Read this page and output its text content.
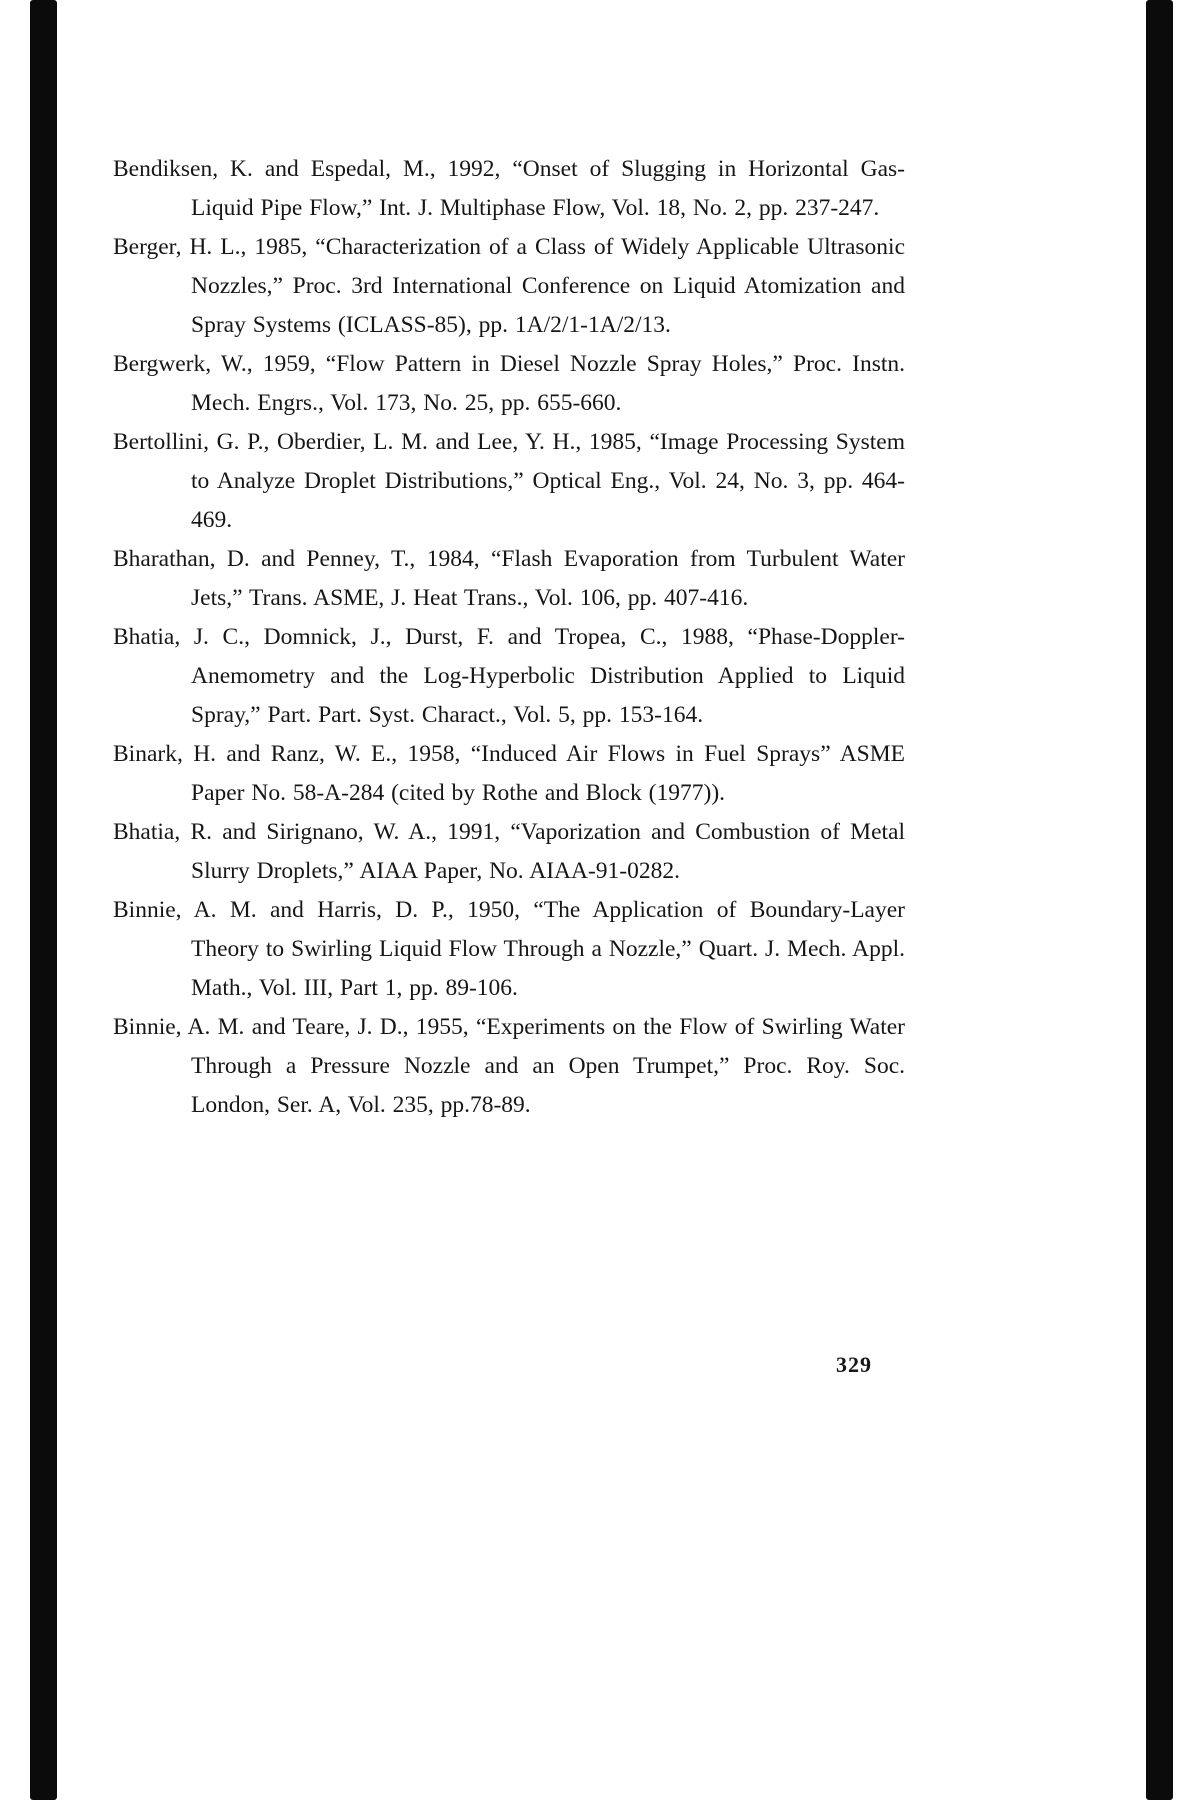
Bendiksen, K. and Espedal, M., 1992, “Onset of Slugging in Horizontal Gas-Liquid Pipe Flow,” Int. J. Multiphase Flow, Vol. 18, No. 2, pp. 237-247.

Berger, H. L., 1985, “Characterization of a Class of Widely Applicable Ultrasonic Nozzles,” Proc. 3rd International Conference on Liquid Atomization and Spray Systems (ICLASS-85), pp. 1A/2/1-1A/2/13.

Bergwerk, W., 1959, “Flow Pattern in Diesel Nozzle Spray Holes,” Proc. Instn. Mech. Engrs., Vol. 173, No. 25, pp. 655-660.

Bertollini, G. P., Oberdier, L. M. and Lee, Y. H., 1985, “Image Processing System to Analyze Droplet Distributions,” Optical Eng., Vol. 24, No. 3, pp. 464-469.

Bharathan, D. and Penney, T., 1984, “Flash Evaporation from Turbulent Water Jets,” Trans. ASME, J. Heat Trans., Vol. 106, pp. 407-416.

Bhatia, J. C., Domnick, J., Durst, F. and Tropea, C., 1988, “Phase-Doppler-Anemometry and the Log-Hyperbolic Distribution Applied to Liquid Spray,” Part. Part. Syst. Charact., Vol. 5, pp. 153-164.

Binark, H. and Ranz, W. E., 1958, “Induced Air Flows in Fuel Sprays” ASME Paper No. 58-A-284 (cited by Rothe and Block (1977)).

Bhatia, R. and Sirignano, W. A., 1991, “Vaporization and Combustion of Metal Slurry Droplets,” AIAA Paper, No. AIAA-91-0282.

Binnie, A. M. and Harris, D. P., 1950, “The Application of Boundary-Layer Theory to Swirling Liquid Flow Through a Nozzle,” Quart. J. Mech. Appl. Math., Vol. III, Part 1, pp. 89-106.

Binnie, A. M. and Teare, J. D., 1955, “Experiments on the Flow of Swirling Water Through a Pressure Nozzle and an Open Trumpet,” Proc. Roy. Soc. London, Ser. A, Vol. 235, pp.78-89.

329
